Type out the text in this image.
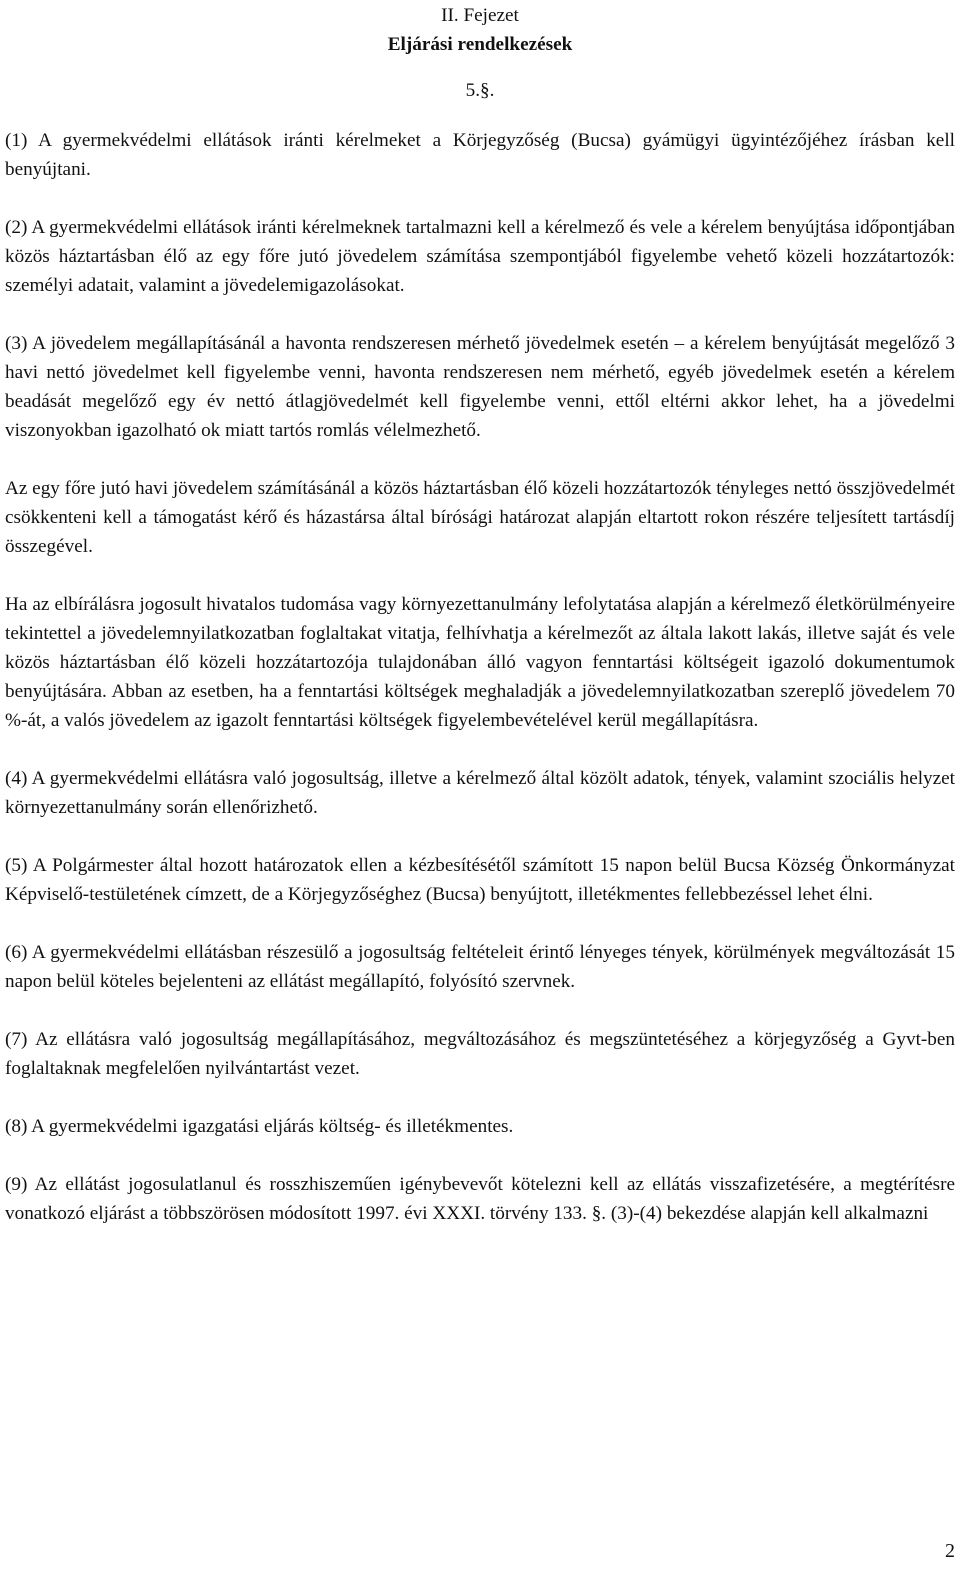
II. Fejezet
Eljárási rendelkezések
5.§.

(1) A gyermekvédelmi ellátások iránti kérelmeket a Körjegyzőség (Bucsa) gyámügyi ügyintézőjéhez írásban kell benyújtani.

(2) A gyermekvédelmi ellátások iránti kérelmeknek tartalmazni kell a kérelmező és vele a kérelem benyújtása időpontjában közös háztartásban élő az egy főre jutó jövedelem számítása szempontjából figyelembe vehető közeli hozzátartozók: személyi adatait, valamint a jövedelemigazolásokat.

(3) A jövedelem megállapításánál a havonta rendszeresen mérhető jövedelmek esetén – a kérelem benyújtását megelőző 3 havi nettó jövedelmet kell figyelembe venni, havonta rendszeresen nem mérhető, egyéb jövedelmek esetén a kérelem beadását megelőző egy év nettó átlagjövedelmét kell figyelembe venni, ettől eltérni akkor lehet, ha a jövedelmi viszonyokban igazolható ok miatt tartós romlás vélelmezhető.

Az egy főre jutó havi jövedelem számításánál a közös háztartásban élő közeli hozzátartozók tényleges nettó összjövedelmét csökkenteni kell a támogatást kérő és házastársa által bírósági határozat alapján eltartott rokon részére teljesített tartásdíj összegével.

Ha az elbírálásra jogosult hivatalos tudomása vagy környezettanulmány lefolytatása alapján a kérelmező életkörülményeire tekintettel a jövedelemnyilatkozatban foglaltakat vitatja, felhívhatja a kérelmezőt az általa lakott lakás, illetve saját és vele közös háztartásban élő közeli hozzátartozója tulajdonában álló vagyon fenntartási költségeit igazoló dokumentumok benyújtására. Abban az esetben, ha a fenntartási költségek meghaladják a jövedelemnyilatkozatban szereplő jövedelem 70 %-át, a valós jövedelem az igazolt fenntartási költségek figyelembevételével kerül megállapításra.

(4) A gyermekvédelmi ellátásra való jogosultság, illetve a kérelmező által közölt adatok, tények, valamint szociális helyzet környezettanulmány során ellenőrizhető.

(5) A Polgármester által hozott határozatok ellen a kézbesítésétől számított 15 napon belül Bucsa Község Önkormányzat Képviselő-testületének címzett, de a Körjegyzőséghez (Bucsa) benyújtott, illetékmentes fellebbezéssel lehet élni.

(6) A gyermekvédelmi ellátásban részesülő a jogosultság feltételeit érintő lényeges tények, körülmények megváltozását 15 napon belül köteles bejelenteni az ellátást megállapító, folyósító szervnek.

(7) Az ellátásra való jogosultság megállapításához, megváltozásához és megszüntetéséhez a körjegyzőség a Gyvt-ben foglaltaknak megfelelően nyilvántartást vezet.

(8) A gyermekvédelmi igazgatási eljárás költség- és illetékmentes.

(9) Az ellátást jogosulatlanul és rosszhiszeműen igénybevevőt kötelezni kell az ellátás visszafizetésére, a megtérítésre vonatkozó eljárást a többszörösen módosított 1997. évi XXXI. törvény 133. §. (3)-(4) bekezdése alapján kell alkalmazni

2
